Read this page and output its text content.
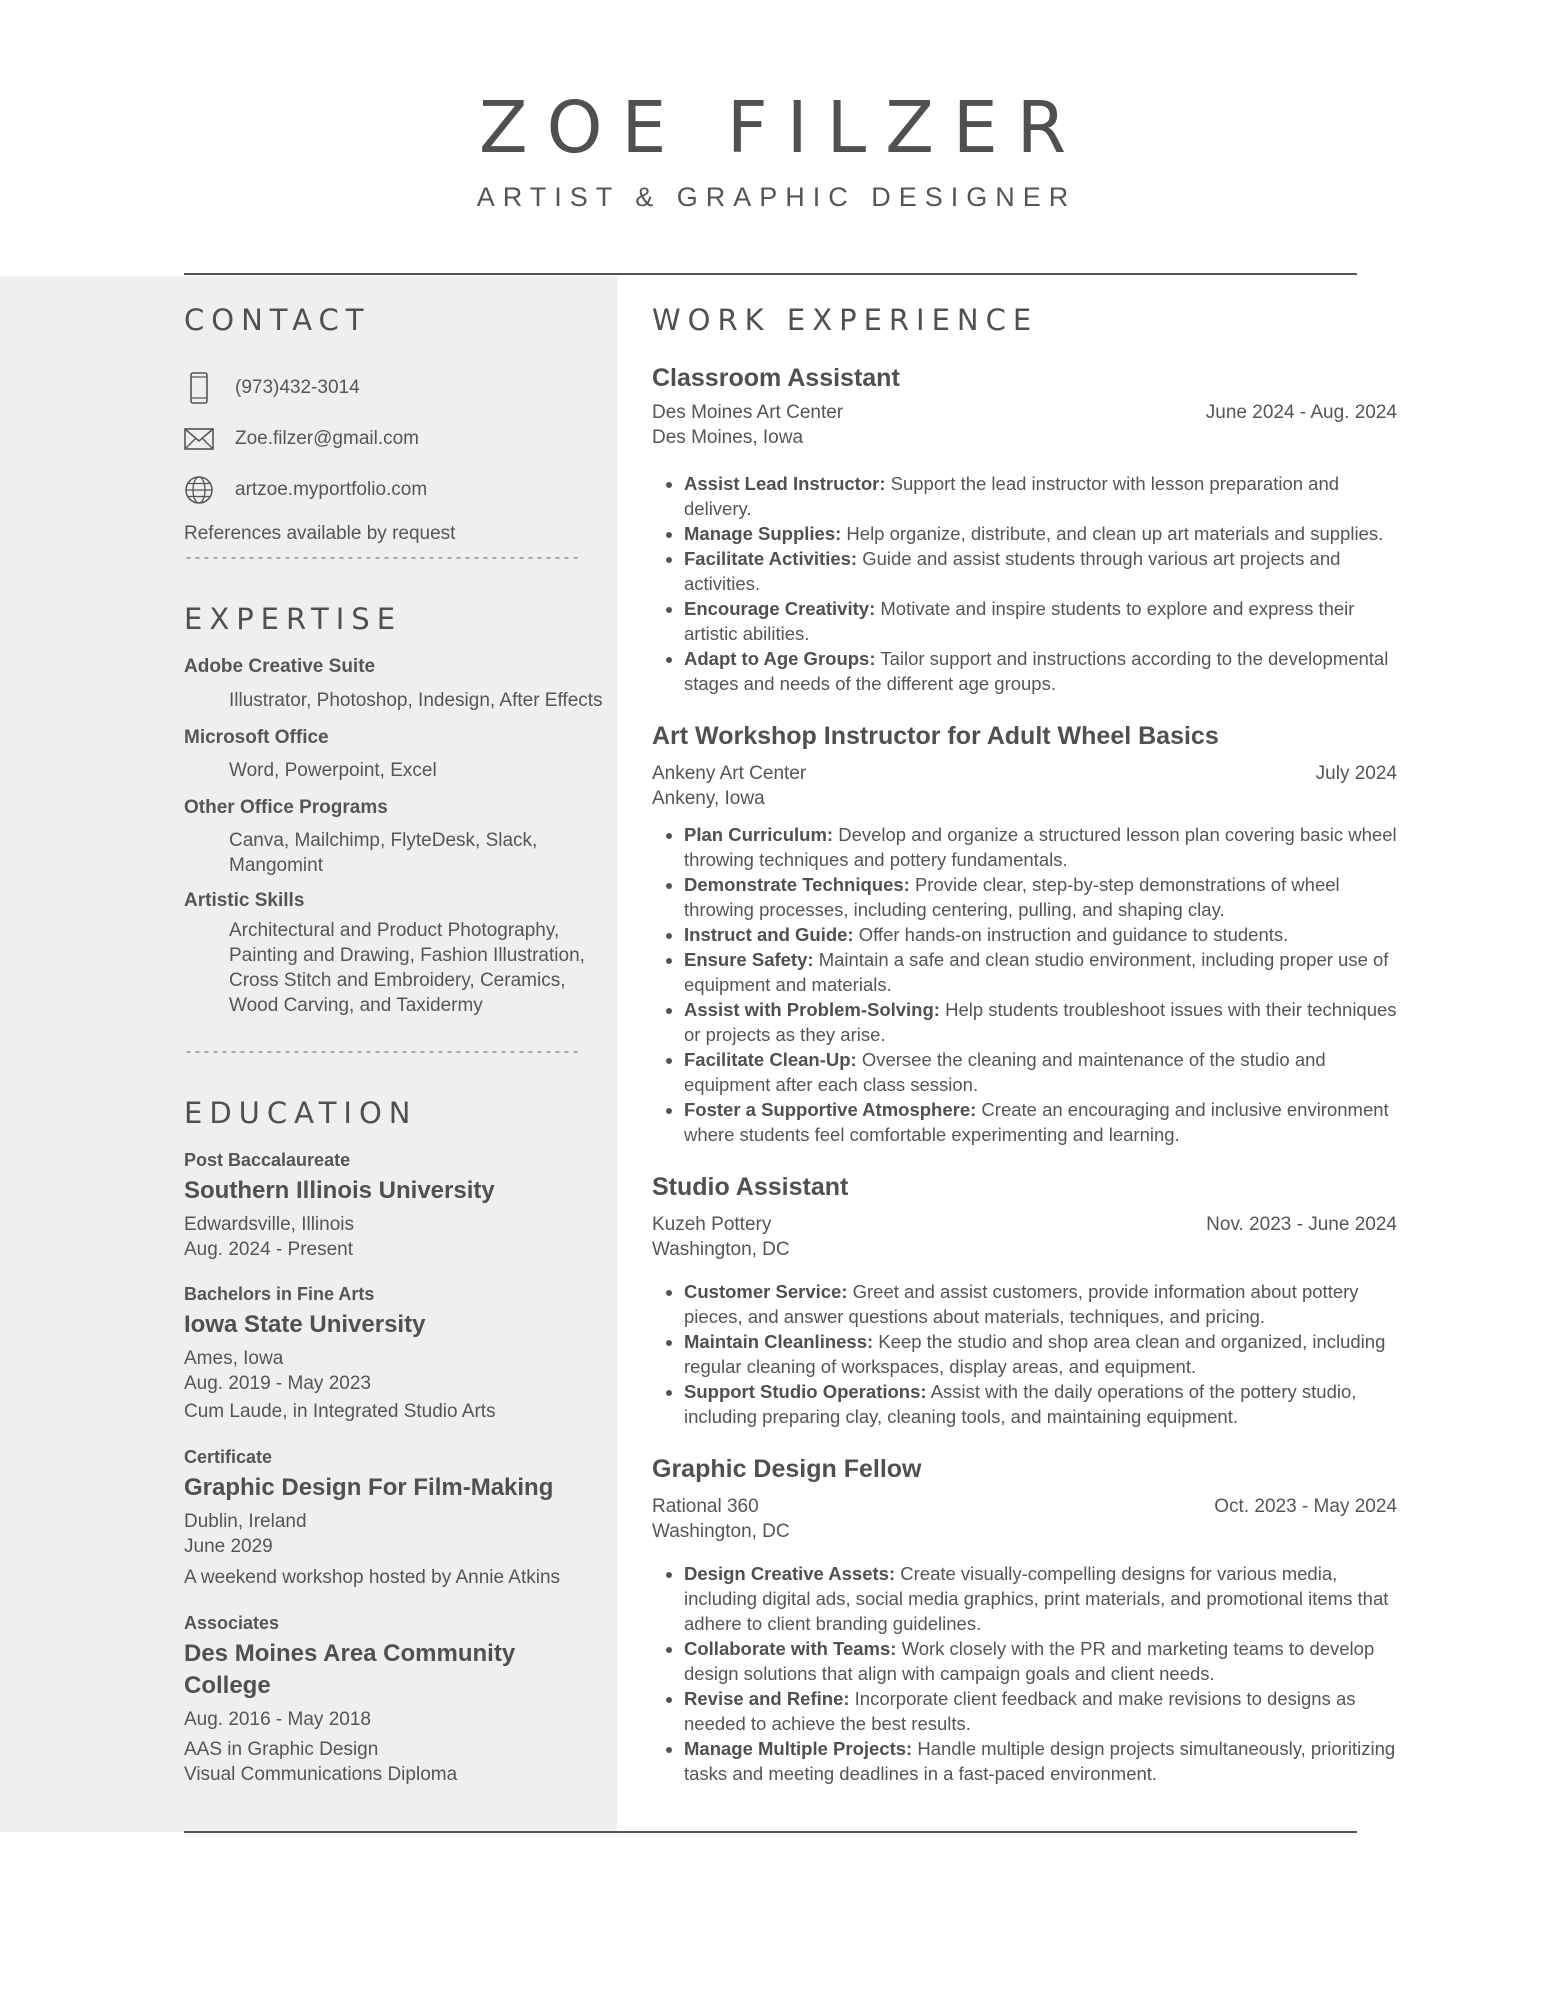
ZOE FILZER
ARTIST & GRAPHIC DESIGNER
CONTACT
(973)432-3014
Zoe.filzer@gmail.com
artzoe.myportfolio.com
References available by request
--------------------------------------------
EXPERTISE
Adobe Creative Suite
Illustrator, Photoshop, Indesign, After Effects
Microsoft Office
Word, Powerpoint, Excel
Other Office Programs
Canva, Mailchimp, FlyteDesk, Slack,
Mangomint
Artistic Skills
Architectural and Product Photography,
Painting and Drawing, Fashion Illustration,
Cross Stitch and Embroidery, Ceramics,
Wood Carving, and Taxidermy
--------------------------------------------
EDUCATION
Post Baccalaureate
Southern Illinois University
Edwardsville, Illinois
Aug. 2024 - Present
Bachelors in Fine Arts
Iowa State University
Ames, Iowa
Aug. 2019 - May 2023
Cum Laude, in Integrated Studio Arts
Certificate
Graphic Design For Film-Making
Dublin, Ireland
June 2029
A weekend workshop hosted by Annie Atkins
Associates
Des Moines Area Community College
Aug. 2016 - May 2018
AAS in Graphic Design
Visual Communications Diploma
WORK EXPERIENCE
Classroom Assistant
Des Moines Art Center	June 2024 - Aug. 2024
Des Moines, Iowa
• Assist Lead Instructor: Support the lead instructor with lesson preparation and delivery.
• Manage Supplies: Help organize, distribute, and clean up art materials and supplies.
• Facilitate Activities: Guide and assist students through various art projects and activities.
• Encourage Creativity: Motivate and inspire students to explore and express their artistic abilities.
• Adapt to Age Groups: Tailor support and instructions according to the developmental stages and needs of the different age groups.
Art Workshop Instructor for Adult Wheel Basics
Ankeny Art Center	July 2024
Ankeny, Iowa
• Plan Curriculum: Develop and organize a structured lesson plan covering basic wheel throwing techniques and pottery fundamentals.
• Demonstrate Techniques: Provide clear, step-by-step demonstrations of wheel throwing processes, including centering, pulling, and shaping clay.
• Instruct and Guide: Offer hands-on instruction and guidance to students.
• Ensure Safety: Maintain a safe and clean studio environment, including proper use of equipment and materials.
• Assist with Problem-Solving: Help students troubleshoot issues with their techniques or projects as they arise.
• Facilitate Clean-Up: Oversee the cleaning and maintenance of the studio and equipment after each class session.
• Foster a Supportive Atmosphere: Create an encouraging and inclusive environment where students feel comfortable experimenting and learning.
Studio Assistant
Kuzeh Pottery	Nov. 2023 - June 2024
Washington, DC
• Customer Service: Greet and assist customers, provide information about pottery pieces, and answer questions about materials, techniques, and pricing.
• Maintain Cleanliness: Keep the studio and shop area clean and organized, including regular cleaning of workspaces, display areas, and equipment.
• Support Studio Operations: Assist with the daily operations of the pottery studio, including preparing clay, cleaning tools, and maintaining equipment.
Graphic Design Fellow
Rational 360	Oct. 2023 - May 2024
Washington, DC
• Design Creative Assets: Create visually-compelling designs for various media, including digital ads, social media graphics, print materials, and promotional items that adhere to client branding guidelines.
• Collaborate with Teams: Work closely with the PR and marketing teams to develop design solutions that align with campaign goals and client needs.
• Revise and Refine: Incorporate client feedback and make revisions to designs as needed to achieve the best results.
• Manage Multiple Projects: Handle multiple design projects simultaneously, prioritizing tasks and meeting deadlines in a fast-paced environment.
